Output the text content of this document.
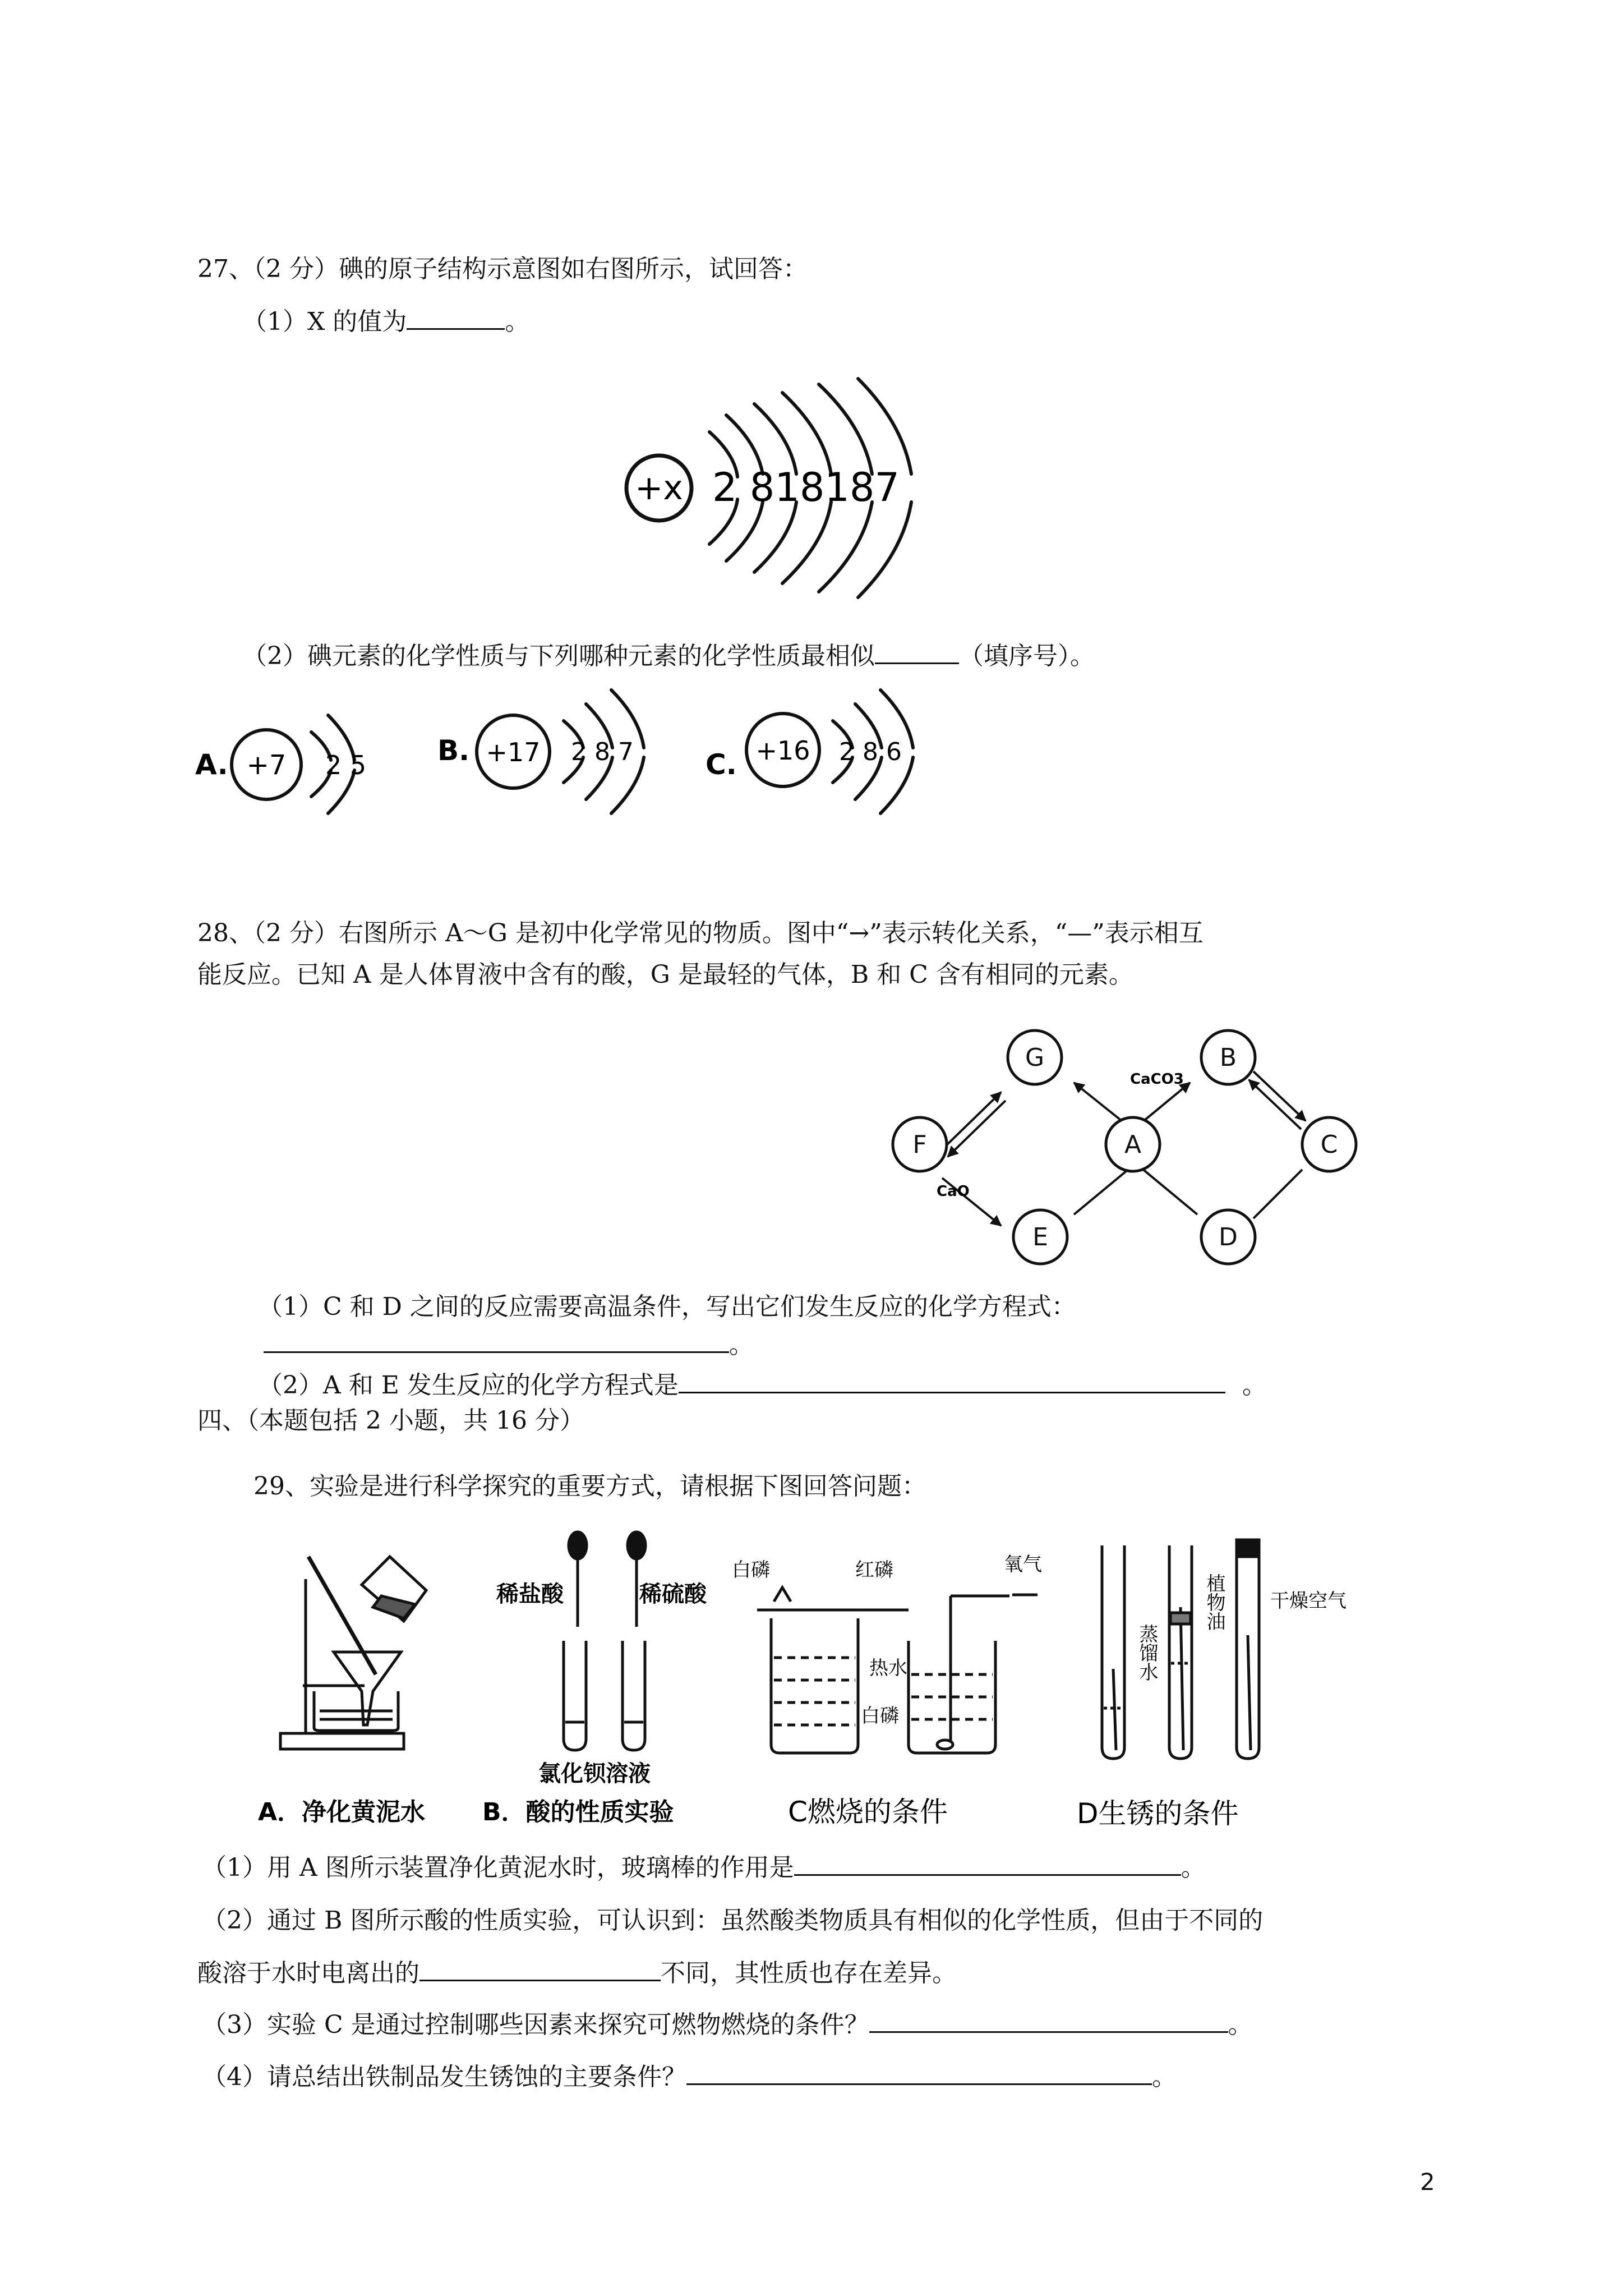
27、（2 分）碘的原子结构示意图如右图所示，试回答：
（1）X 的值为	。
+x 2 818187
（2）碘元素的化学性质与下列哪种元素的化学性质最相似	（填序号）。
A. +7 2 5	B. +17 2 8 7	C. +16 2 8 6
28、（2 分）右图所示 A～G 是初中化学常见的物质。图中“→”表示转化关系，“—”表示相互
能反应。已知 A 是人体胃液中含有的酸，G 是最轻的气体，B 和 C 含有相同的元素。
G	B
F	A	C
E	D
CaCO3
CaO
（1）C 和 D 之间的反应需要高温条件，写出它们发生反应的化学方程式：
。
（2）A 和 E 发生反应的化学方程式是	。
四、（本题包括 2 小题，共 16 分）
29、实验是进行科学探究的重要方式，请根据下图回答问题：
A．净化黄泥水
稀盐酸	稀硫酸
氯化钡溶液
B．酸的性质实验
白磷	红磷	氧气
热水
白磷
C燃烧的条件
蒸馏水
植物油 干燥空气
D生锈的条件
（1）用 A 图所示装置净化黄泥水时，玻璃棒的作用是	。
（2）通过 B 图所示酸的性质实验，可认识到：虽然酸类物质具有相似的化学性质，但由于不同的
酸溶于水时电离出的	不同，其性质也存在差异。
（3）实验 C 是通过控制哪些因素来探究可燃物燃烧的条件？	。
（4）请总结出铁制品发生锈蚀的主要条件？	。
2
